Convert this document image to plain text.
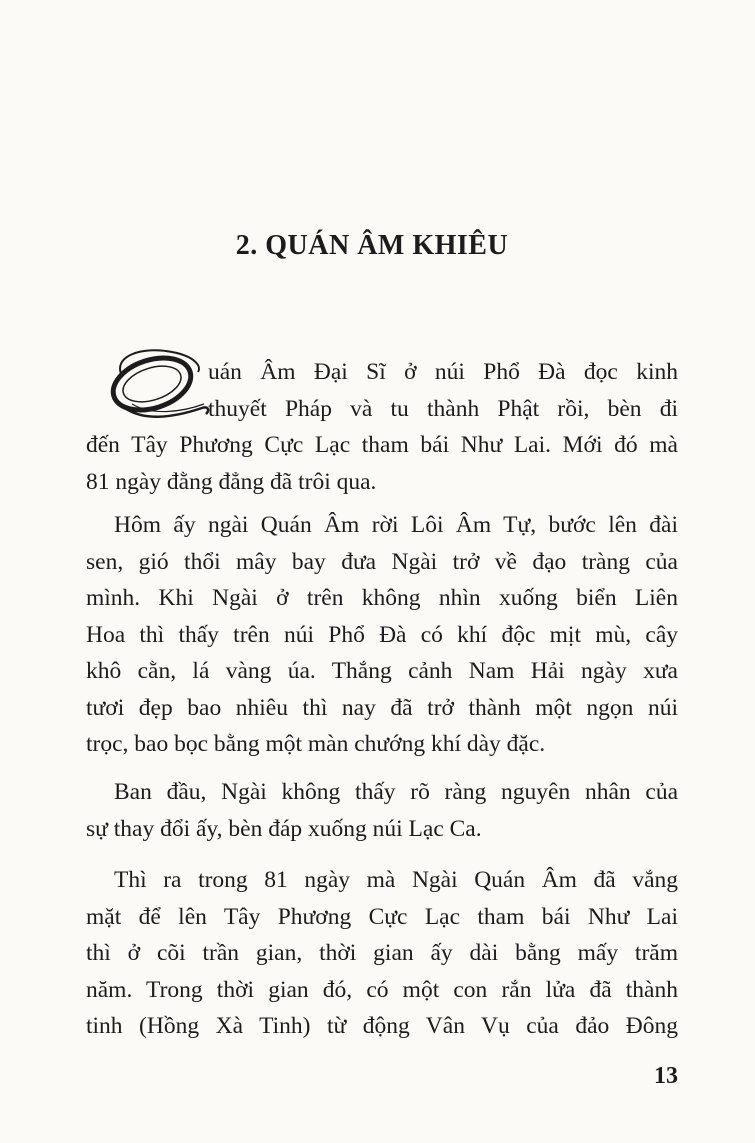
2. QUÁN ÂM KHIÊU
uán Âm Đại Sĩ ở núi Phổ Đà đọc kinh
thuyết Pháp và tu thành Phật rồi, bèn đi
đến Tây Phương Cực Lạc tham bái Như Lai. Mới đó mà
81 ngày đằng đẳng đã trôi qua.
Hôm ấy ngài Quán Âm rời Lôi Âm Tự, bước lên đài
sen, gió thổi mây bay đưa Ngài trở về đạo tràng của
mình. Khi Ngài ở trên không nhìn xuống biển Liên
Hoa thì thấy trên núi Phổ Đà có khí độc mịt mù, cây
khô cằn, lá vàng úa. Thắng cảnh Nam Hải ngày xưa
tươi đẹp bao nhiêu thì nay đã trở thành một ngọn núi
trọc, bao bọc bằng một màn chướng khí dày đặc.
Ban đầu, Ngài không thấy rõ ràng nguyên nhân của
sự thay đổi ấy, bèn đáp xuống núi Lạc Ca.
Thì ra trong 81 ngày mà Ngài Quán Âm đã vắng
mặt để lên Tây Phương Cực Lạc tham bái Như Lai
thì ở cõi trần gian, thời gian ấy dài bằng mấy trăm
năm. Trong thời gian đó, có một con rắn lửa đã thành
tinh (Hồng Xà Tinh) từ động Vân Vụ của đảo Đông
13
